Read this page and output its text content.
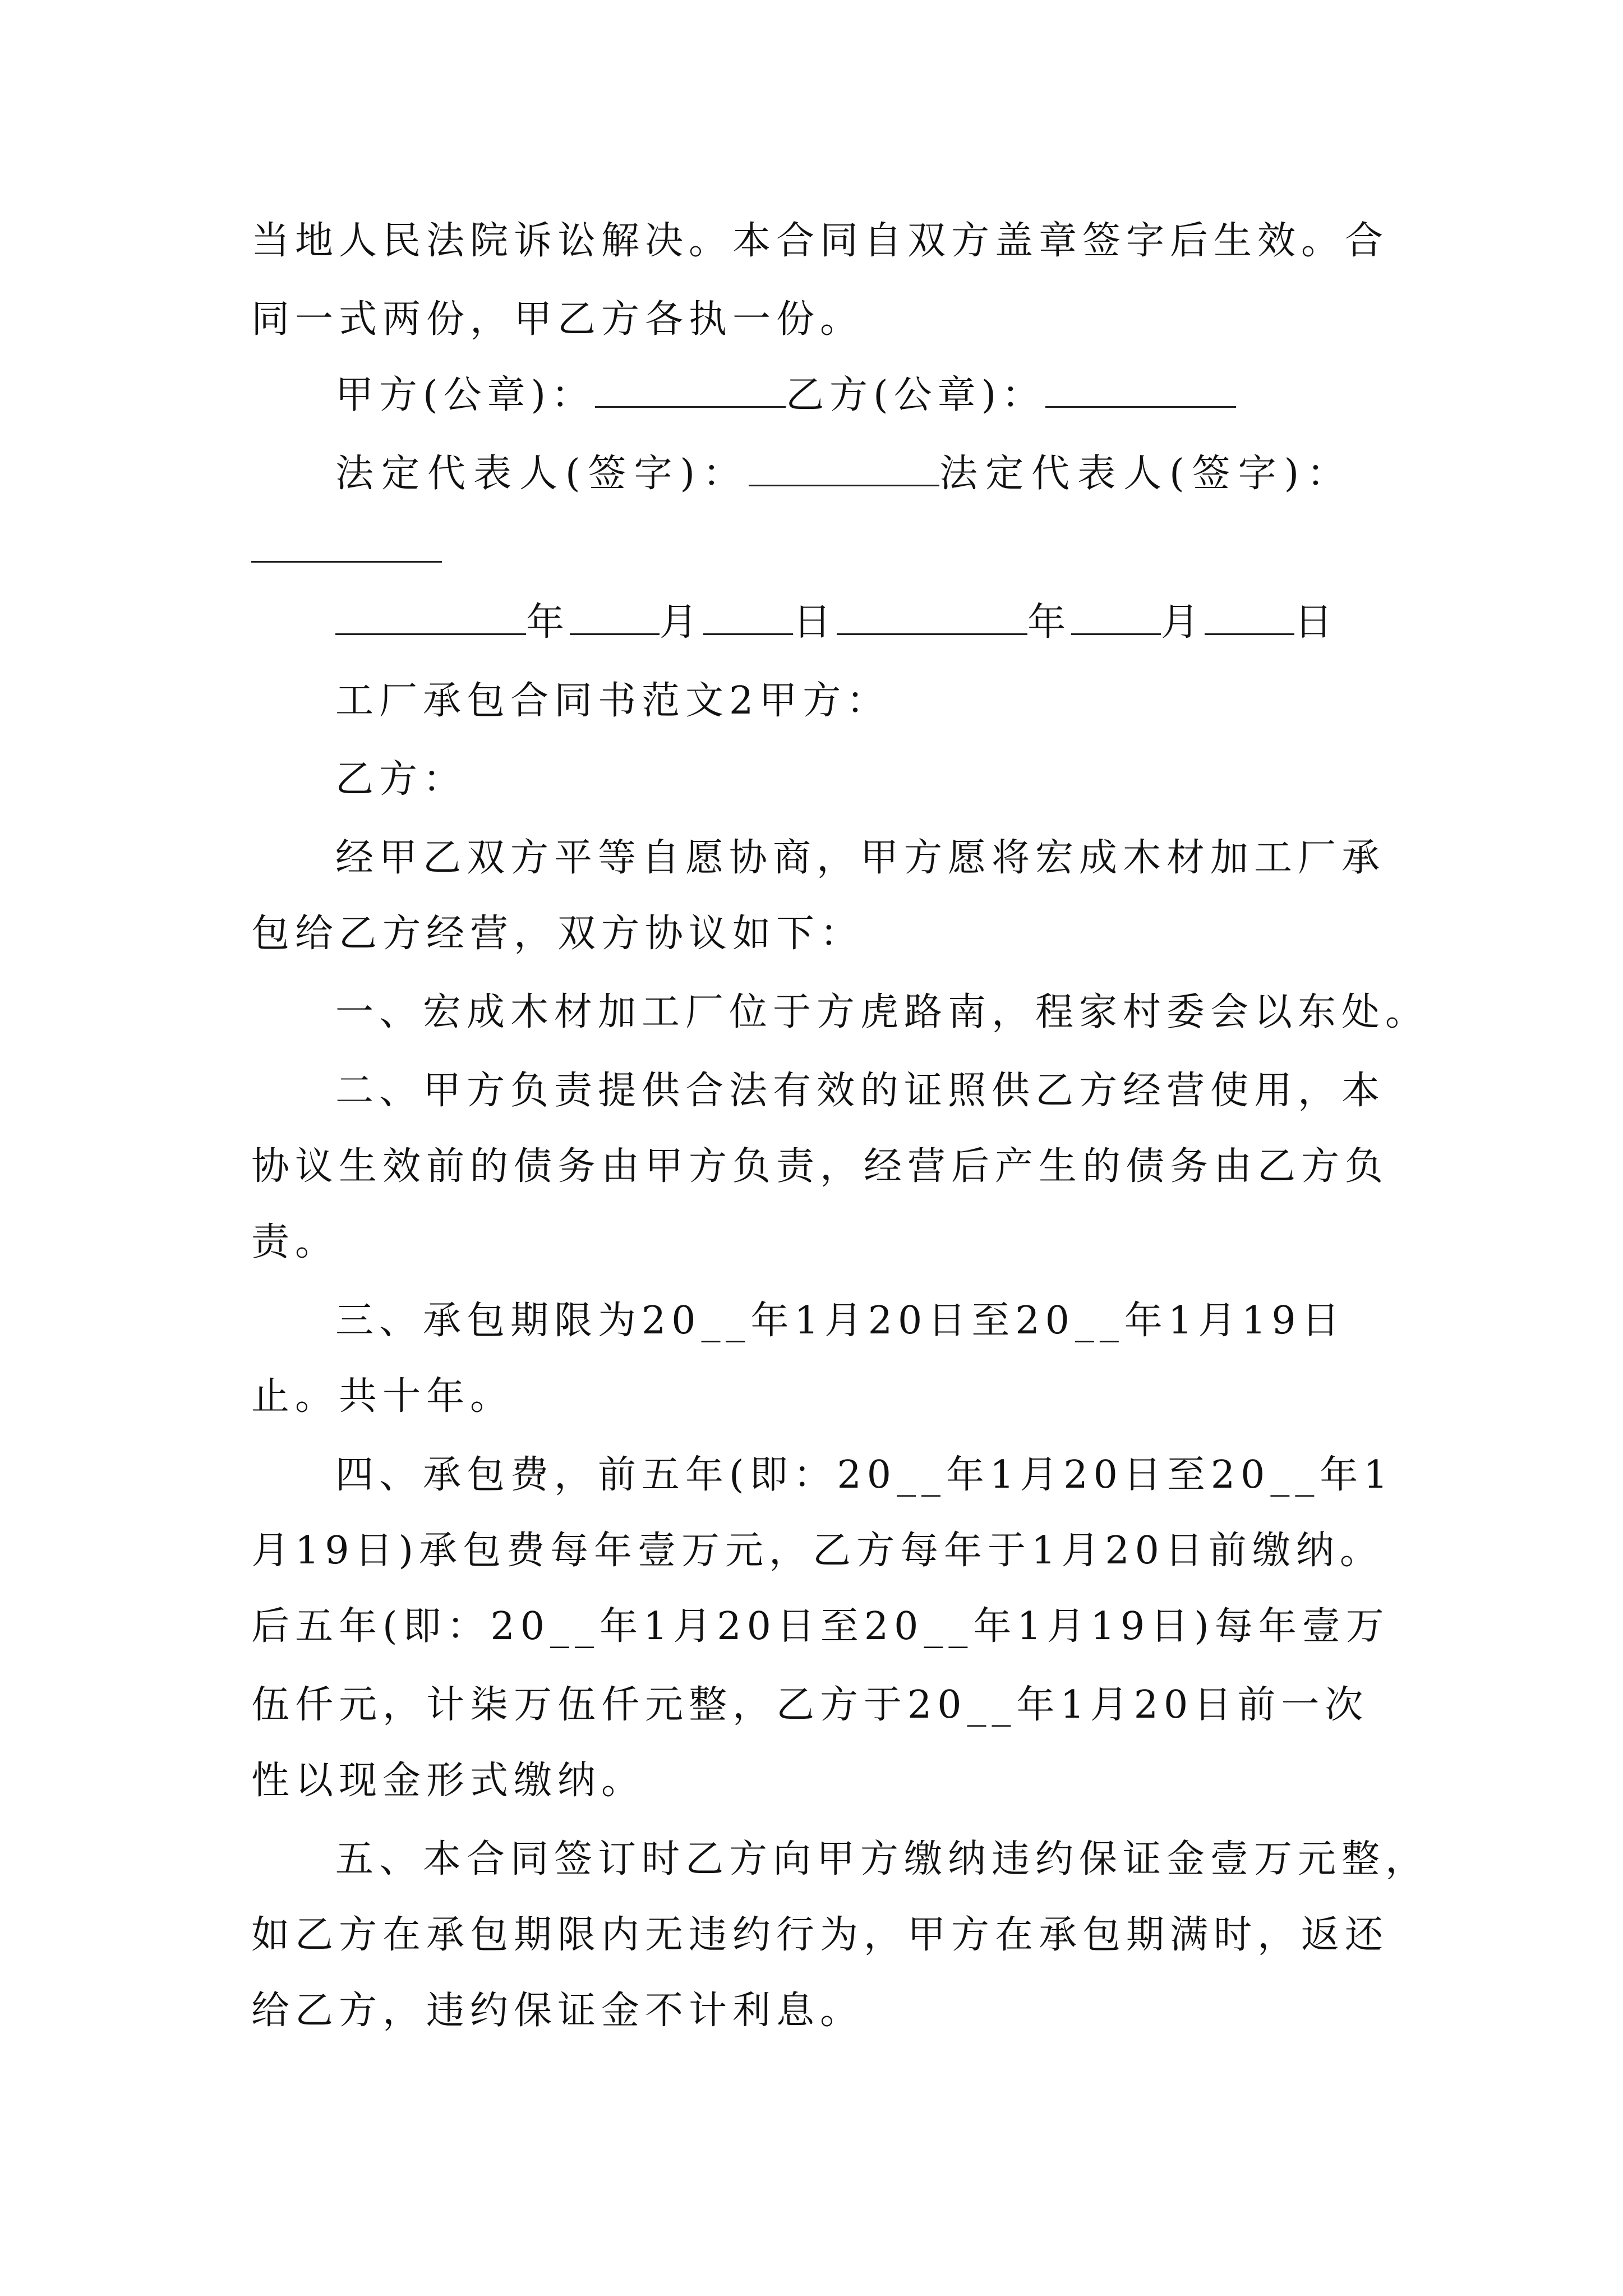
当地人民法院诉讼解决。本合同自双方盖章签字后生效。合
同一式两份，甲乙方各执一份。
甲方(公章)：	乙方(公章)：
法定代表人(签字)：	法定代表人(签字)：
年 月 日	年 月 日
工厂承包合同书范文2甲方：
乙方：
经甲乙双方平等自愿协商，甲方愿将宏成木材加工厂承
包给乙方经营，双方协议如下：
一、宏成木材加工厂位于方虎路南，程家村委会以东处。
二、甲方负责提供合法有效的证照供乙方经营使用，本
协议生效前的债务由甲方负责，经营后产生的债务由乙方负
责。
三、承包期限为20__年1月20日至20__年1月19日
止。共十年。
四、承包费，前五年(即：20__年1月20日至20__年1
月19日)承包费每年壹万元，乙方每年于1月20日前缴纳。
后五年(即：20__年1月20日至20__年1月19日)每年壹万
伍仟元，计柒万伍仟元整，乙方于20__年1月20日前一次
性以现金形式缴纳。
五、本合同签订时乙方向甲方缴纳违约保证金壹万元整，
如乙方在承包期限内无违约行为，甲方在承包期满时，返还
给乙方，违约保证金不计利息。
